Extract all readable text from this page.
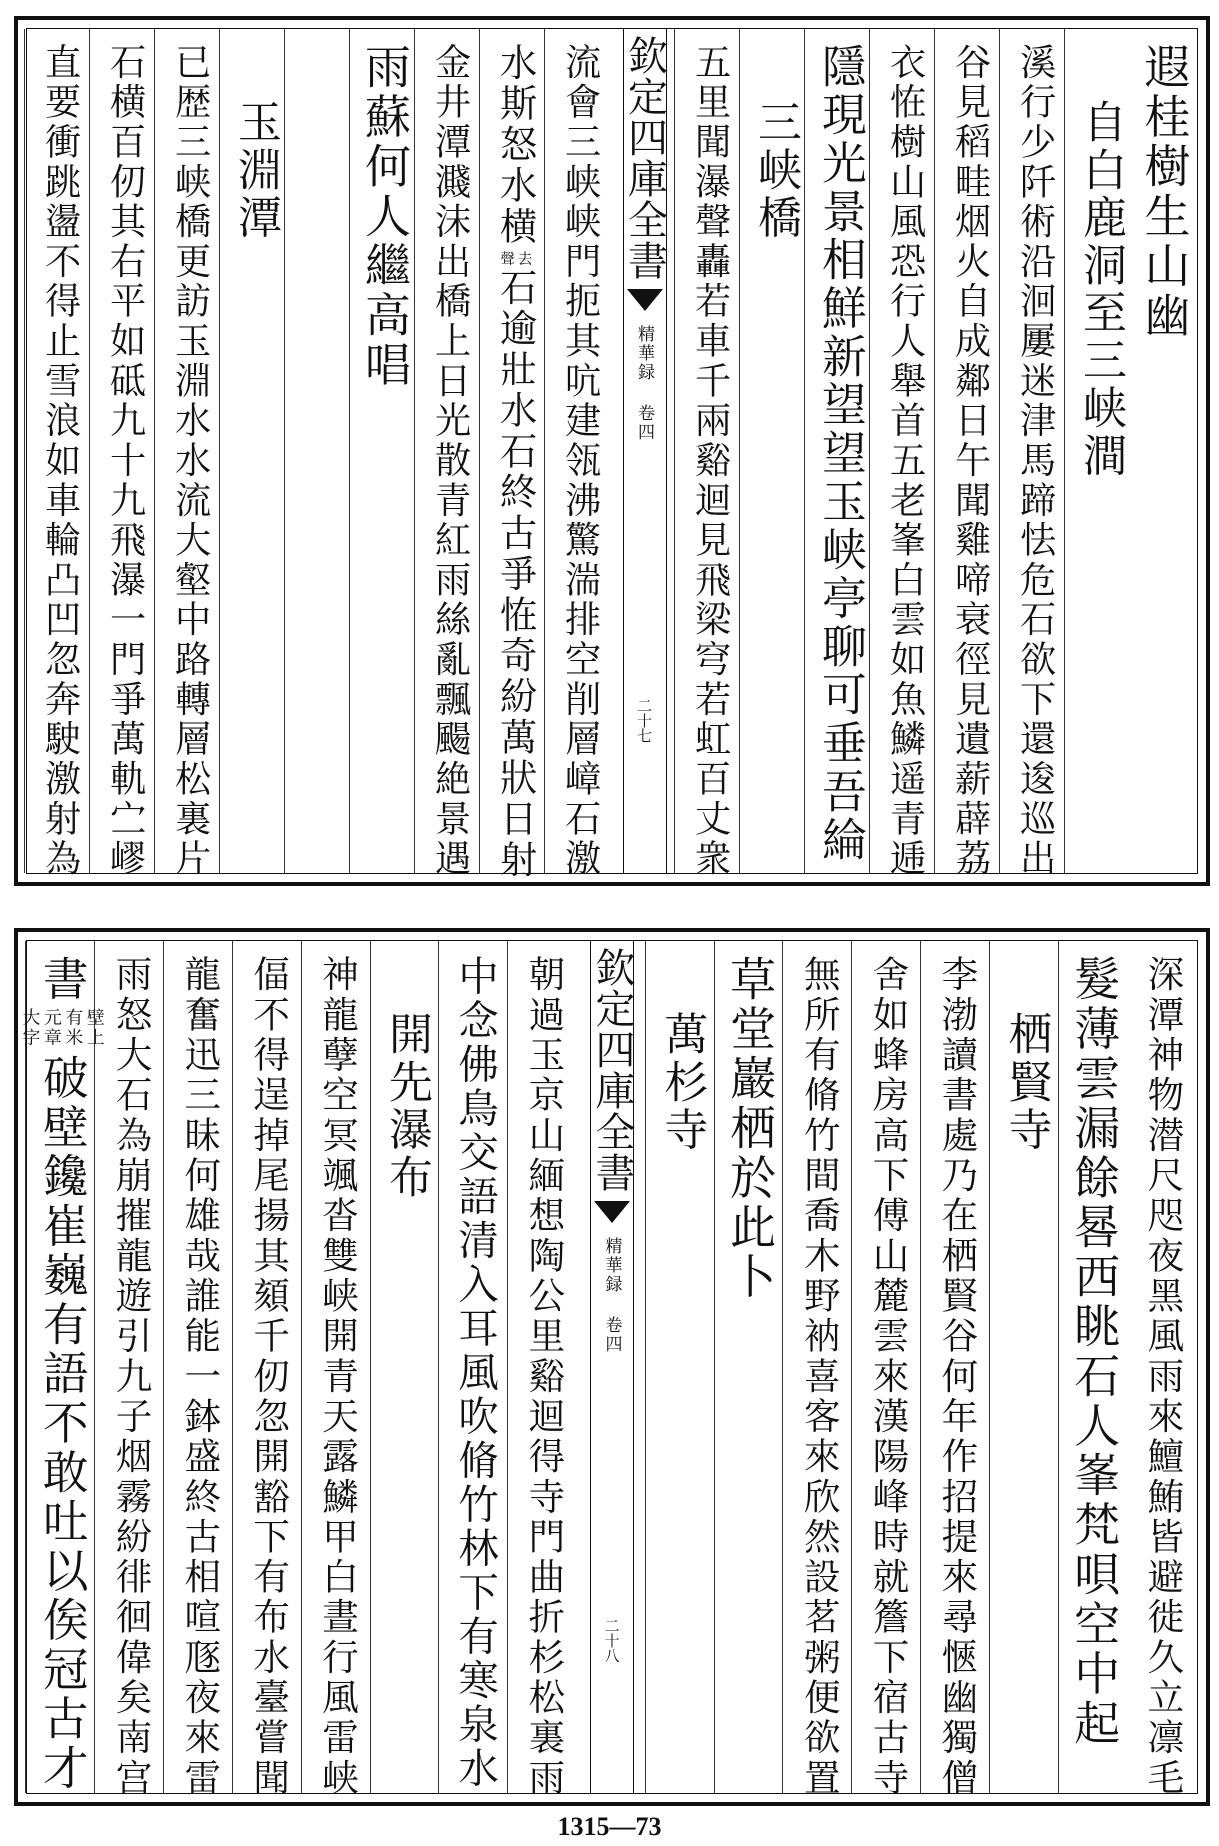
遐桂樹生山幽
自白鹿洞至三峡澗
溪行少阡術沿洄屢迷津馬蹄怯危石欲下還逡巡出
谷見稻畦烟火自成鄰日午聞雞啼衰徑見遺薪薜荔
衣恠樹山風恐行人舉首五老峯白雲如魚鱗遥青逓
隱現光景相鮮新望望玉峡亭聊可垂吾綸
三峡橋
五里聞瀑聲轟若車千兩谿迴見飛梁穹若虹百丈衆
欽定四庫全書
精華録 卷四
二十七
流會三峡峡門扼其吭建瓴沸驚湍排空削層嶂石激
水斯怒水横
去聲
石逾壯水石終古爭恠奇紛萬狀日射
金井潭濺沫出橋上日光散青紅雨絲亂飄颺絶景遇
雨蘇何人繼高唱
玉淵潭
已歴三峡橋更訪玉淵水水流大壑中路轉層松裏片
石横百仞其右平如砥九十九飛瀑一門爭萬軌㝉嵺
直要衝跳盪不得止雪浪如車輪凸凹忽奔駛激射為
深潭神物潜尺咫夜黑風雨來鱣鮪皆避徙久立凛毛
髮薄雲漏餘晷西眺石人峯梵唄空中起
栖賢寺
李渤讀書處乃在栖賢谷何年作招提來尋愜幽獨僧
舍如蜂房高下傅山麓雲來漢陽峰時就簷下宿古寺
無所有脩竹間喬木野衲喜客來欣然設茗粥便欲置
草堂巖栖於此卜
萬杉寺
欽定四庫全書
精華録 卷四
二十八
朝過玉京山緬想陶公里谿迴得寺門曲折杉松裏雨
中念佛鳥交語清入耳風吹脩竹林下有寒泉水
開先瀑布
神龍孽空冥颯沓雙峡開青天露鱗甲白晝行風雷峡
偪不得逞掉尾揚其頦千仞忽開豁下有布水臺嘗聞
龍奮迅三昧何雄哉誰能一鉢盛終古相喧豗夜來雷
雨怒大石為崩摧龍遊引九子烟霧紛徘徊偉矣南宫
書
壁上有米元章大字
破壁鑱崔巍有語不敢吐以俟冠古才
1315—73
